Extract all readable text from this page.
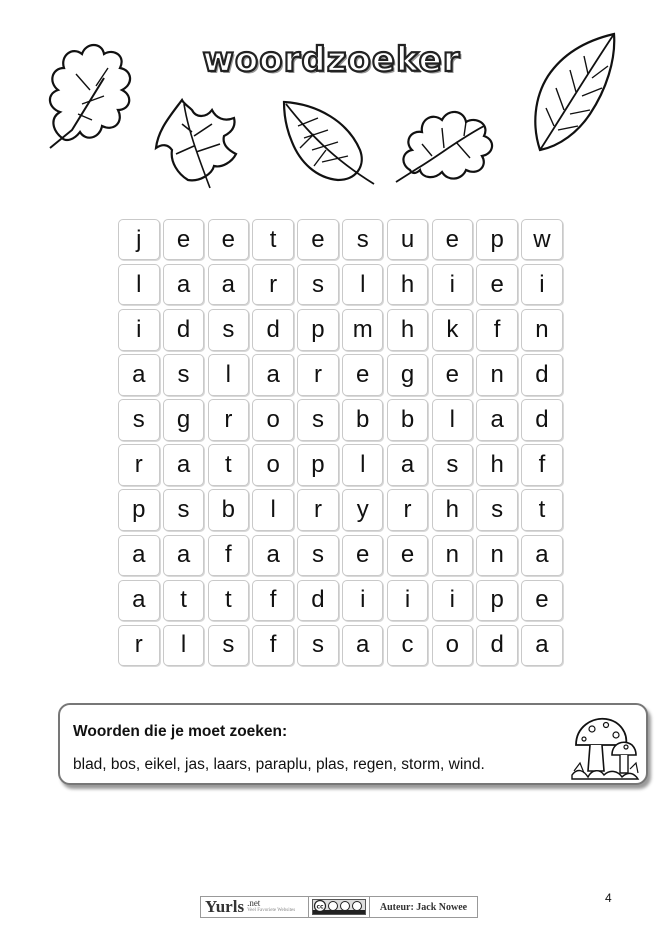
woordzoeker
j	e	e	t	e	s	u	e	p	w
l	a	a	r	s	l	h	i	e	i
i	d	s	d	p	m	h	k	f	n
a	s	l	a	r	e	g	e	n	d
s	g	r	o	s	b	b	l	a	d
r	a	t	o	p	l	a	s	h	f
p	s	b	l	r	y	r	h	s	t
a	a	f	a	s	e	e	n	n	a
a	t	t	f	d	i	i	i	p	e
r	l	s	f	s	a	c	o	d	a
Woorden die je moet zoeken:
blad, bos, eikel, jas, laars, paraplu, plas, regen, storm, wind.
Yurls .net
Veel Favoriete Websites	cc	Auteur: Jack Nowee
4
